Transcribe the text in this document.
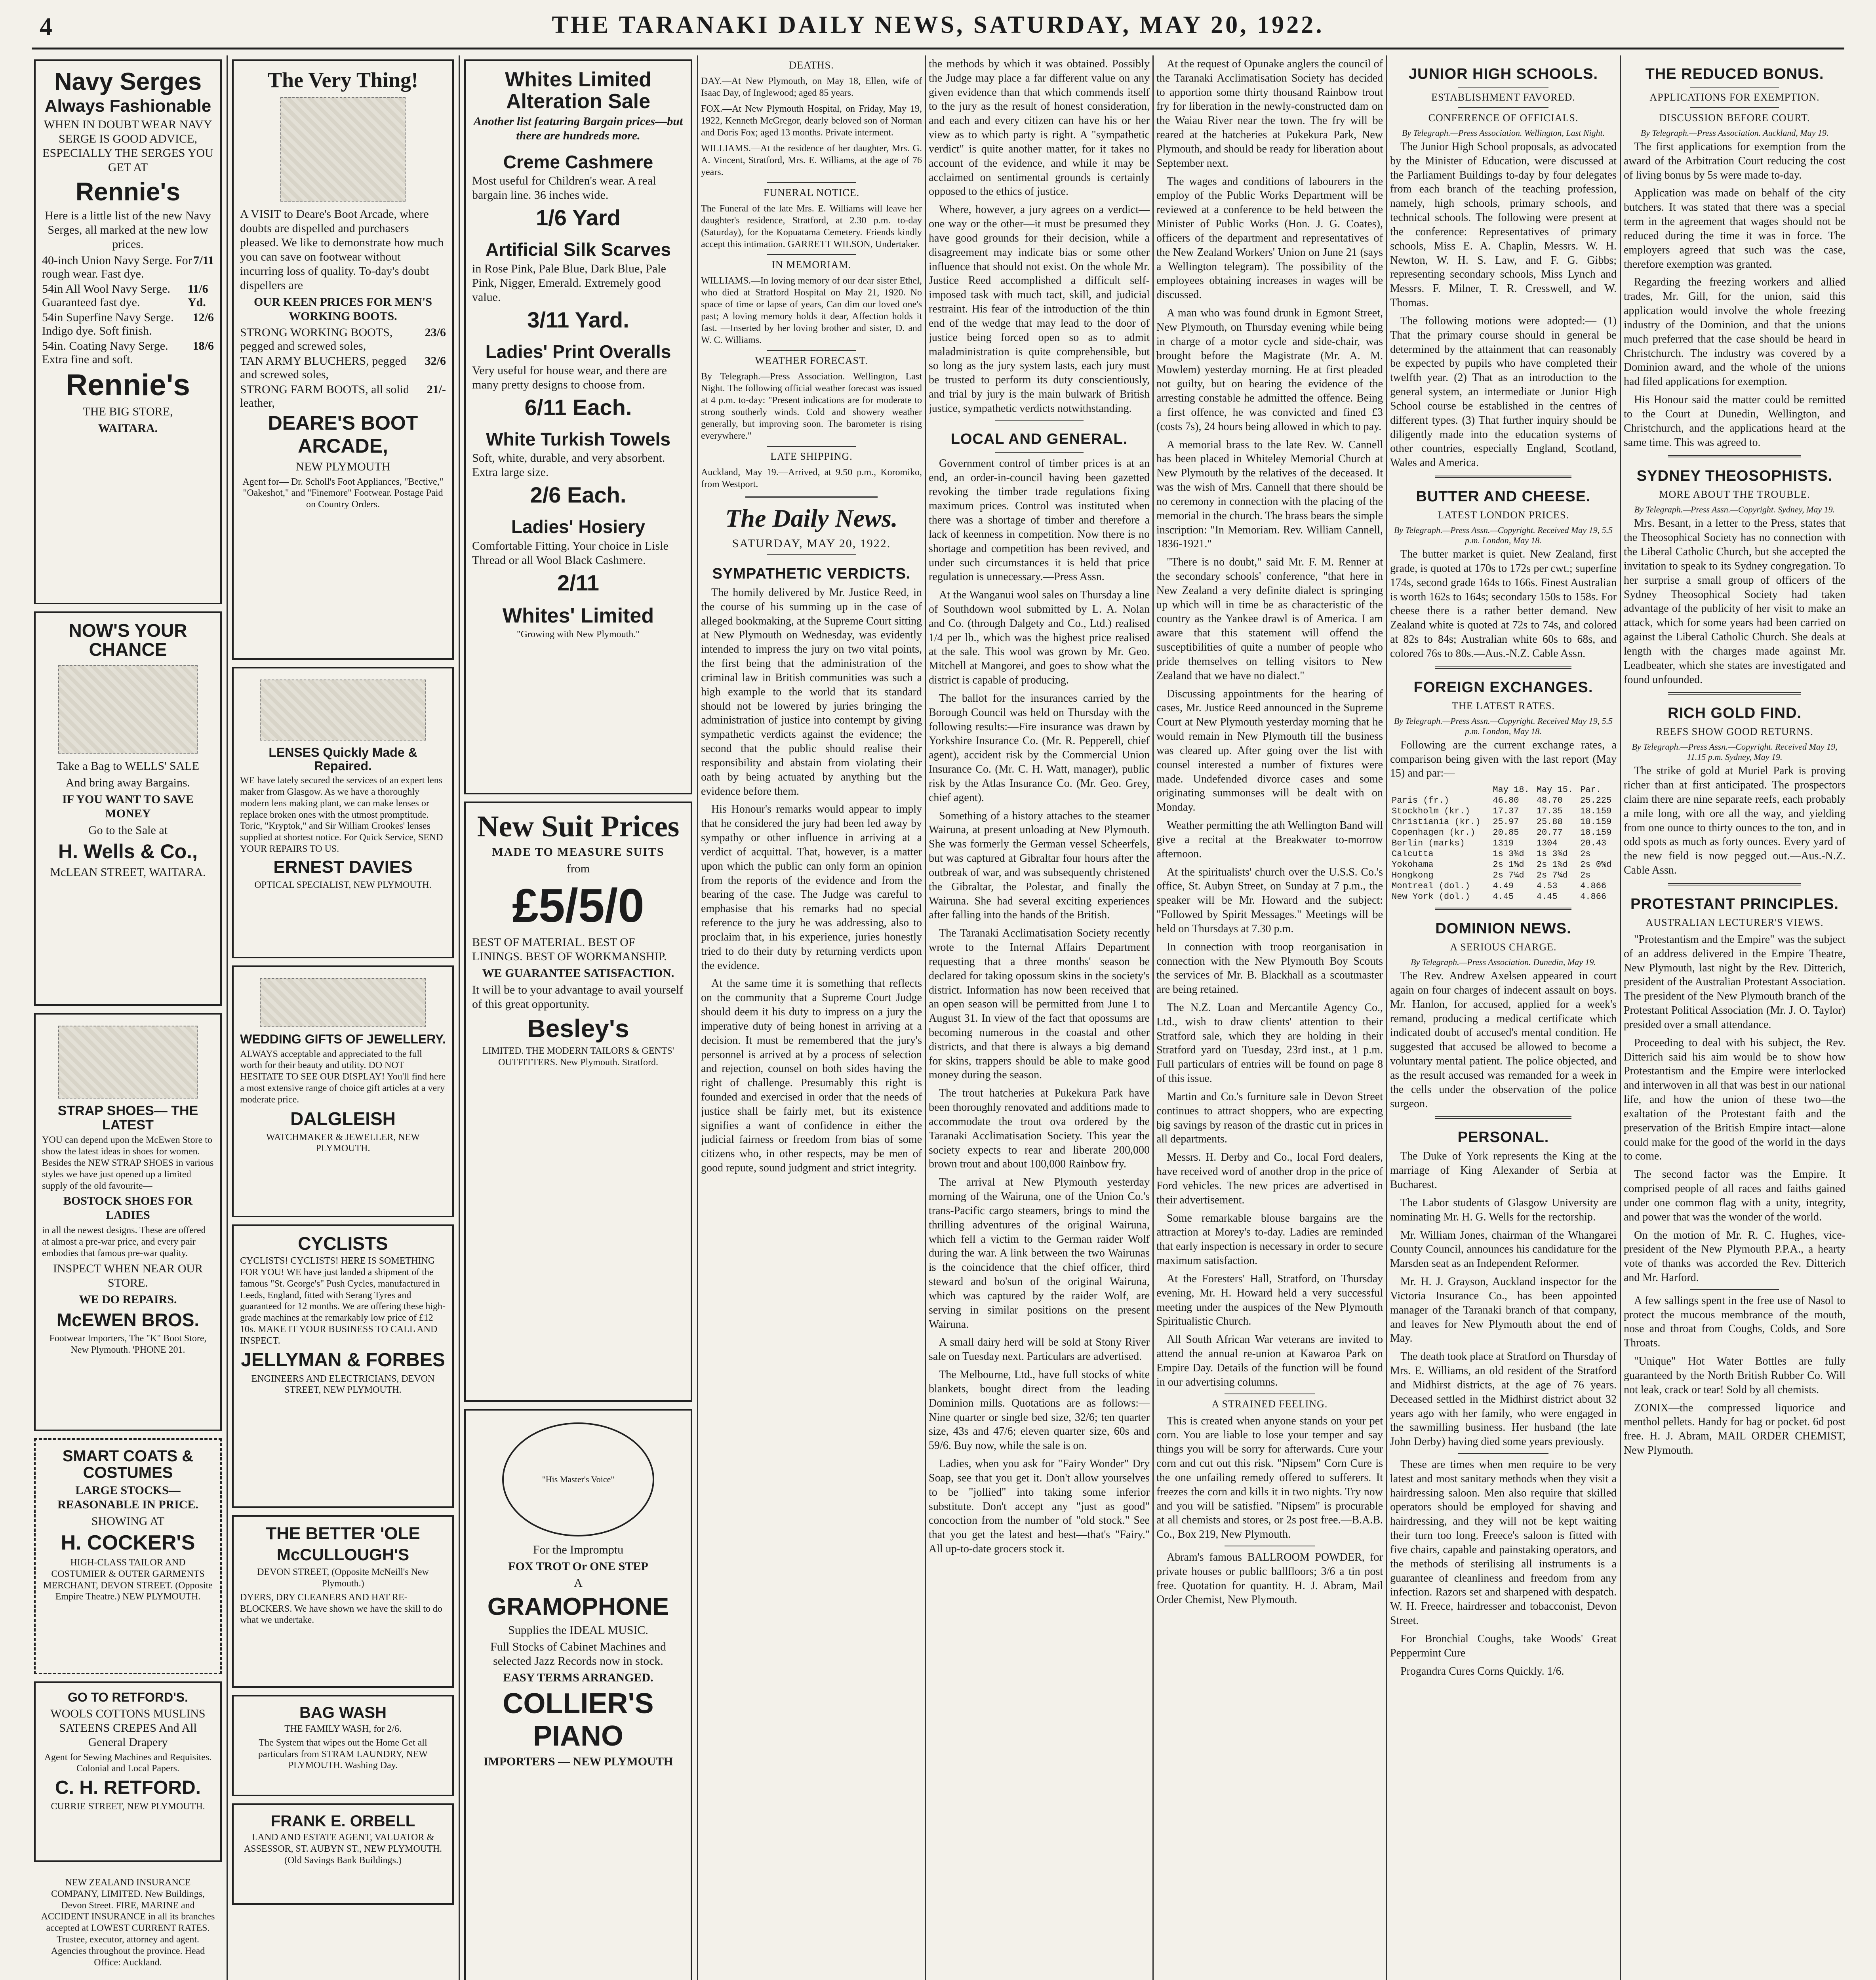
4	THE TARANAKI DAILY NEWS, SATURDAY, MAY 20, 1922.
Navy Serges
Always Fashionable

WHEN IN DOUBT WEAR NAVY SERGE IS GOOD ADVICE, ESPECIALLY THE SERGES YOU GET AT

Rennie's

Here is a little list of the new Navy Serges, all marked at the new low prices.

40-inch Union Navy Serge. For rough wear. Fast dye.
7/11
54in All Wool Navy Serge. Guaranteed fast dye.
11/6 Yd.
54in Superfine Navy Serge. Indigo dye. Soft finish.
12/6
54in. Coating Navy Serge. Extra fine and soft.
18/6
Rennie's

THE BIG STORE,

WAITARA.

NOW'S YOUR CHANCE

Take a Bag to WELLS' SALE

And bring away Bargains.

IF YOU WANT TO SAVE MONEY

Go to the Sale at

H. Wells & Co.,

McLEAN STREET, WAITARA.

STRAP SHOES— THE LATEST

YOU can depend upon the McEwen Store to show the latest ideas in shoes for women. Besides the NEW STRAP SHOES in various styles we have just opened up a limited supply of the old favourite—

BOSTOCK SHOES FOR LADIES

in all the newest designs. These are offered at almost a pre-war price, and every pair embodies that famous pre-war quality.

INSPECT WHEN NEAR OUR STORE.

WE DO REPAIRS.

McEWEN BROS.

Footwear Importers, The "K" Boot Store, New Plymouth. 'PHONE 201.

SMART COATS & COSTUMES

LARGE STOCKS— REASONABLE IN PRICE.

SHOWING AT

H. COCKER'S

HIGH-CLASS TAILOR AND COSTUMIER & OUTER GARMENTS MERCHANT, DEVON STREET. (Opposite Empire Theatre.) NEW PLYMOUTH.

GO TO RETFORD'S.

WOOLS COTTONS MUSLINS SATEENS CREPES And All General Drapery

Agent for Sewing Machines and Requisites. Colonial and Local Papers.

C. H. RETFORD.

CURRIE STREET, NEW PLYMOUTH.

NEW ZEALAND INSURANCE COMPANY, LIMITED. New Buildings, Devon Street. FIRE, MARINE and ACCIDENT INSURANCE in all its branches accepted at LOWEST CURRENT RATES. Trustee, executor, attorney and agent. Agencies throughout the province. Head Office: Auckland.

The Very Thing!

A VISIT to Deare's Boot Arcade, where doubts are dispelled and purchasers pleased. We like to demonstrate how much you can save on footwear without incurring loss of quality. To-day's doubt dispellers are

OUR KEEN PRICES FOR MEN'S WORKING BOOTS.

STRONG WORKING BOOTS, pegged and screwed soles,
23/6
TAN ARMY BLUCHERS, pegged and screwed soles,
32/6
STRONG FARM BOOTS, all solid leather,
21/-
DEARE'S BOOT ARCADE,

NEW PLYMOUTH

Agent for— Dr. Scholl's Foot Appliances, "Bective," "Oakeshot," and "Finemore" Footwear. Postage Paid on Country Orders.

LENSES Quickly Made & Repaired.

WE have lately secured the services of an expert lens maker from Glasgow. As we have a thoroughly modern lens making plant, we can make lenses or replace broken ones with the utmost promptitude. Toric, "Kryptok," and Sir William Crookes' lenses supplied at shortest notice. For Quick Service, SEND YOUR REPAIRS TO US.

ERNEST DAVIES

OPTICAL SPECIALIST, NEW PLYMOUTH.

WEDDING GIFTS OF JEWELLERY.

ALWAYS acceptable and appreciated to the full worth for their beauty and utility. DO NOT HESITATE TO SEE OUR DISPLAY! You'll find here a most extensive range of choice gift articles at a very moderate price.

DALGLEISH

WATCHMAKER & JEWELLER, NEW PLYMOUTH.

CYCLISTS

CYCLISTS! CYCLISTS! HERE IS SOMETHING FOR YOU! WE have just landed a shipment of the famous "St. George's" Push Cycles, manufactured in Leeds, England, fitted with Serang Tyres and guaranteed for 12 months. We are offering these high-grade machines at the remarkably low price of £12 10s. MAKE IT YOUR BUSINESS TO CALL AND INSPECT.

JELLYMAN & FORBES

ENGINEERS AND ELECTRICIANS, DEVON STREET, NEW PLYMOUTH.

THE BETTER 'OLE
McCULLOUGH'S

DEVON STREET, (Opposite McNeill's New Plymouth.)

DYERS, DRY CLEANERS AND HAT RE-BLOCKERS. We have shown we have the skill to do what we undertake.

BAG WASH

THE FAMILY WASH, for 2/6.

The System that wipes out the Home Get all particulars from STRAM LAUNDRY, NEW PLYMOUTH. Washing Day.

FRANK E. ORBELL

LAND AND ESTATE AGENT, VALUATOR & ASSESSOR, ST. AUBYN ST., NEW PLYMOUTH. (Old Savings Bank Buildings.)

Whites Limited Alteration Sale

Another list featuring Bargain prices—but there are hundreds more.

Creme Cashmere

Most useful for Children's wear. A real bargain line. 36 inches wide.

1/6 Yard
Artificial Silk Scarves

in Rose Pink, Pale Blue, Dark Blue, Pale Pink, Nigger, Emerald. Extremely good value.

3/11 Yard.
Ladies' Print Overalls

Very useful for house wear, and there are many pretty designs to choose from.

6/11 Each.
White Turkish Towels

Soft, white, durable, and very absorbent. Extra large size.

2/6 Each.
Ladies' Hosiery

Comfortable Fitting. Your choice in Lisle Thread or all Wool Black Cashmere.

2/11
Whites' Limited

"Growing with New Plymouth."

New Suit Prices

MADE TO MEASURE SUITS

from

£5/5/0

BEST OF MATERIAL. BEST OF LININGS. BEST OF WORKMANSHIP.

WE GUARANTEE SATISFACTION.

It will be to your advantage to avail yourself of this great opportunity.

Besley's

LIMITED. THE MODERN TAILORS & GENTS' OUTFITTERS. New Plymouth. Stratford.

"His Master's Voice"

For the Impromptu

FOX TROT Or ONE STEP

A

GRAMOPHONE

Supplies the IDEAL MUSIC.

Full Stocks of Cabinet Machines and selected Jazz Records now in stock.

EASY TERMS ARRANGED.

COLLIER'S PIANO

IMPORTERS — NEW PLYMOUTH

DEATHS.

DAY.—At New Plymouth, on May 18, Ellen, wife of Isaac Day, of Inglewood; aged 85 years.

FOX.—At New Plymouth Hospital, on Friday, May 19, 1922, Kenneth McGregor, dearly beloved son of Norman and Doris Fox; aged 13 months. Private interment.

WILLIAMS.—At the residence of her daughter, Mrs. G. A. Vincent, Stratford, Mrs. E. Williams, at the age of 76 years.

FUNERAL NOTICE.

The Funeral of the late Mrs. E. Williams will leave her daughter's residence, Stratford, at 2.30 p.m. to-day (Saturday), for the Kopuatama Cemetery. Friends kindly accept this intimation. GARRETT WILSON, Undertaker.

IN MEMORIAM.

WILLIAMS.—In loving memory of our dear sister Ethel, who died at Stratford Hospital on May 21, 1920. No space of time or lapse of years, Can dim our loved one's past; A loving memory holds it dear, Affection holds it fast. —Inserted by her loving brother and sister, D. and W. C. Williams.

WEATHER FORECAST.

By Telegraph.—Press Association. Wellington, Last Night. The following official weather forecast was issued at 4 p.m. to-day: "Present indications are for moderate to strong southerly winds. Cold and showery weather generally, but improving soon. The barometer is rising everywhere."

LATE SHIPPING.

Auckland, May 19.—Arrived, at 9.50 p.m., Koromiko, from Westport.

The Daily News.
SATURDAY, MAY 20, 1922.
SYMPATHETIC VERDICTS.

The homily delivered by Mr. Justice Reed, in the course of his summing up in the case of alleged bookmaking, at the Supreme Court sitting at New Plymouth on Wednesday, was evidently intended to impress the jury on two vital points, the first being that the administration of the criminal law in British communities was such a high example to the world that its standard should not be lowered by juries bringing the administration of justice into contempt by giving sympathetic verdicts against the evidence; the second that the public should realise their responsibility and abstain from violating their oath by being actuated by anything but the evidence before them.

His Honour's remarks would appear to imply that he considered the jury had been led away by sympathy or other influence in arriving at a verdict of acquittal. That, however, is a matter upon which the public can only form an opinion from the reports of the evidence and from the bearing of the case. The Judge was careful to emphasise that his remarks had no special reference to the jury he was addressing, also to proclaim that, in his experience, juries honestly tried to do their duty by returning verdicts upon the evidence.

At the same time it is something that reflects on the community that a Supreme Court Judge should deem it his duty to impress on a jury the imperative duty of being honest in arriving at a decision. It must be remembered that the jury's personnel is arrived at by a process of selection and rejection, counsel on both sides having the right of challenge. Presumably this right is founded and exercised in order that the needs of justice shall be fairly met, but its existence signifies a want of confidence in either the judicial fairness or freedom from bias of some citizens who, in other respects, may be men of good repute, sound judgment and strict integrity.

the methods by which it was obtained. Possibly the Judge may place a far different value on any given evidence than that which commends itself to the jury as the result of honest consideration, and each and every citizen can have his or her view as to which party is right. A "sympathetic verdict" is quite another matter, for it takes no account of the evidence, and while it may be acclaimed on sentimental grounds is certainly opposed to the ethics of justice.

Where, however, a jury agrees on a verdict—one way or the other—it must be presumed they have good grounds for their decision, while a disagreement may indicate bias or some other influence that should not exist. On the whole Mr. Justice Reed accomplished a difficult self-imposed task with much tact, skill, and judicial restraint. His fear of the introduction of the thin end of the wedge that may lead to the door of justice being forced open so as to admit maladministration is quite comprehensible, but so long as the jury system lasts, each jury must be trusted to perform its duty conscientiously, and trial by jury is the main bulwark of British justice, sympathetic verdicts notwithstanding.

LOCAL AND GENERAL.

Government control of timber prices is at an end, an order-in-council having been gazetted revoking the timber trade regulations fixing maximum prices. Control was instituted when there was a shortage of timber and therefore a lack of keenness in competition. Now there is no shortage and competition has been revived, and under such circumstances it is held that price regulation is unnecessary.—Press Assn.

At the Wanganui wool sales on Thursday a line of Southdown wool submitted by L. A. Nolan and Co. (through Dalgety and Co., Ltd.) realised 1/4 per lb., which was the highest price realised at the sale. This wool was grown by Mr. Geo. Mitchell at Mangorei, and goes to show what the district is capable of producing.

The ballot for the insurances carried by the Borough Council was held on Thursday with the following results:—Fire insurance was drawn by Yorkshire Insurance Co. (Mr. R. Pepperell, chief agent), accident risk by the Commercial Union Insurance Co. (Mr. C. H. Watt, manager), public risk by the Atlas Insurance Co. (Mr. Geo. Grey, chief agent).

Something of a history attaches to the steamer Wairuna, at present unloading at New Plymouth. She was formerly the German vessel Scheerfels, but was captured at Gibraltar four hours after the outbreak of war, and was subsequently christened the Gibraltar, the Polestar, and finally the Wairuna. She had several exciting experiences after falling into the hands of the British.

The Taranaki Acclimatisation Society recently wrote to the Internal Affairs Department requesting that a three months' season be declared for taking opossum skins in the society's district. Information has now been received that an open season will be permitted from June 1 to August 31. In view of the fact that opossums are becoming numerous in the coastal and other districts, and that there is always a big demand for skins, trappers should be able to make good money during the season.

The trout hatcheries at Pukekura Park have been thoroughly renovated and additions made to accommodate the trout ova ordered by the Taranaki Acclimatisation Society. This year the society expects to rear and liberate 200,000 brown trout and about 100,000 Rainbow fry.

The arrival at New Plymouth yesterday morning of the Wairuna, one of the Union Co.'s trans-Pacific cargo steamers, brings to mind the thrilling adventures of the original Wairuna, which fell a victim to the German raider Wolf during the war. A link between the two Wairunas is the coincidence that the chief officer, third steward and bo'sun of the original Wairuna, which was captured by the raider Wolf, are serving in similar positions on the present Wairuna.

A small dairy herd will be sold at Stony River sale on Tuesday next. Particulars are advertised.

The Melbourne, Ltd., have full stocks of white blankets, bought direct from the leading Dominion mills. Quotations are as follows:—Nine quarter or single bed size, 32/6; ten quarter size, 43s and 47/6; eleven quarter size, 60s and 59/6. Buy now, while the sale is on.

Ladies, when you ask for "Fairy Wonder" Dry Soap, see that you get it. Don't allow yourselves to be "jollied" into taking some inferior substitute. Don't accept any "just as good" concoction from the number of "old stock." See that you get the latest and best—that's "Fairy." All up-to-date grocers stock it.

At the request of Opunake anglers the council of the Taranaki Acclimatisation Society has decided to apportion some thirty thousand Rainbow trout fry for liberation in the newly-constructed dam on the Waiau River near the town. The fry will be reared at the hatcheries at Pukekura Park, New Plymouth, and should be ready for liberation about September next.

The wages and conditions of labourers in the employ of the Public Works Department will be reviewed at a conference to be held between the Minister of Public Works (Hon. J. G. Coates), officers of the department and representatives of the New Zealand Workers' Union on June 21 (says a Wellington telegram). The possibility of the employees obtaining increases in wages will be discussed.

A man who was found drunk in Egmont Street, New Plymouth, on Thursday evening while being in charge of a motor cycle and side-chair, was brought before the Magistrate (Mr. A. M. Mowlem) yesterday morning. He at first pleaded not guilty, but on hearing the evidence of the arresting constable he admitted the offence. Being a first offence, he was convicted and fined £3 (costs 7s), 24 hours being allowed in which to pay.

A memorial brass to the late Rev. W. Cannell has been placed in Whiteley Memorial Church at New Plymouth by the relatives of the deceased. It was the wish of Mrs. Cannell that there should be no ceremony in connection with the placing of the memorial in the church. The brass bears the simple inscription: "In Memoriam. Rev. William Cannell, 1836-1921."

"There is no doubt," said Mr. F. M. Renner at the secondary schools' conference, "that here in New Zealand a very definite dialect is springing up which will in time be as characteristic of the country as the Yankee drawl is of America. I am aware that this statement will offend the susceptibilities of quite a number of people who pride themselves on telling visitors to New Zealand that we have no dialect."

Discussing appointments for the hearing of cases, Mr. Justice Reed announced in the Supreme Court at New Plymouth yesterday morning that he would remain in New Plymouth till the business was cleared up. After going over the list with counsel interested a number of fixtures were made. Undefended divorce cases and some originating summonses will be dealt with on Monday.

Weather permitting the ath Wellington Band will give a recital at the Breakwater to-morrow afternoon.

At the spiritualists' church over the U.S.S. Co.'s office, St. Aubyn Street, on Sunday at 7 p.m., the speaker will be Mr. Howard and the subject: "Followed by Spirit Messages." Meetings will be held on Thursdays at 7.30 p.m.

In connection with troop reorganisation in connection with the New Plymouth Boy Scouts the services of Mr. B. Blackhall as a scoutmaster are being retained.

The N.Z. Loan and Mercantile Agency Co., Ltd., wish to draw clients' attention to their Stratford sale, which they are holding in their Stratford yard on Tuesday, 23rd inst., at 1 p.m. Full particulars of entries will be found on page 8 of this issue.

Martin and Co.'s furniture sale in Devon Street continues to attract shoppers, who are expecting big savings by reason of the drastic cut in prices in all departments.

Messrs. H. Derby and Co., local Ford dealers, have received word of another drop in the price of Ford vehicles. The new prices are advertised in their advertisement.

Some remarkable blouse bargains are the attraction at Morey's to-day. Ladies are reminded that early inspection is necessary in order to secure maximum satisfaction.

At the Foresters' Hall, Stratford, on Thursday evening, Mr. H. Howard held a very successful meeting under the auspices of the New Plymouth Spiritualistic Church.

All South African War veterans are invited to attend the annual re-union at Kawaroa Park on Empire Day. Details of the function will be found in our advertising columns.

A STRAINED FEELING.

This is created when anyone stands on your pet corn. You are liable to lose your temper and say things you will be sorry for afterwards. Cure your corn and cut out this risk. "Nipsem" Corn Cure is the one unfailing remedy offered to sufferers. It freezes the corn and kills it in two nights. Try now and you will be satisfied. "Nipsem" is procurable at all chemists and stores, or 2s post free.—B.A.B. Co., Box 219, New Plymouth.

Abram's famous BALLROOM POWDER, for private houses or public ballfloors; 3/6 a tin post free. Quotation for quantity. H. J. Abram, Mail Order Chemist, New Plymouth.

JUNIOR HIGH SCHOOLS.
ESTABLISHMENT FAVORED.
CONFERENCE OF OFFICIALS.
By Telegraph.—Press Association. Wellington, Last Night.

The Junior High School proposals, as advocated by the Minister of Education, were discussed at the Parliament Buildings to-day by four delegates from each branch of the teaching profession, namely, high schools, primary schools, and technical schools. The following were present at the conference: Representatives of primary schools, Miss E. A. Chaplin, Messrs. W. H. Newton, W. H. S. Law, and F. G. Gibbs; representing secondary schools, Miss Lynch and Messrs. F. Milner, T. R. Cresswell, and W. Thomas.

The following motions were adopted:— (1) That the primary course should in general be determined by the attainment that can reasonably be expected by pupils who have completed their twelfth year. (2) That as an introduction to the general system, an intermediate or Junior High School course be established in the centres of different types. (3) That further inquiry should be diligently made into the education systems of other countries, especially England, Scotland, Wales and America.

BUTTER AND CHEESE.
LATEST LONDON PRICES.
By Telegraph.—Press Assn.—Copyright. Received May 19, 5.5 p.m. London, May 18.

The butter market is quiet. New Zealand, first grade, is quoted at 170s to 172s per cwt.; superfine 174s, second grade 164s to 166s. Finest Australian is worth 162s to 164s; secondary 150s to 158s. For cheese there is a rather better demand. New Zealand white is quoted at 72s to 74s, and colored at 82s to 84s; Australian white 60s to 68s, and colored 76s to 80s.—Aus.-N.Z. Cable Assn.

FOREIGN EXCHANGES.
THE LATEST RATES.
By Telegraph.—Press Assn.—Copyright. Received May 19, 5.5 p.m. London, May 18.

Following are the current exchange rates, a comparison being given with the last report (May 15) and par:—

	May 18.	May 15.	Par.
Paris (fr.)	46.80	48.70	25.225
Stockholm (kr.)	17.37	17.35	18.159
Christiania (kr.)	25.97	25.88	18.159
Copenhagen (kr.)	20.85	20.77	18.159
Berlin (marks)	1319	1304	20.43
Calcutta	1s 3¾d	1s 3¾d	2s
Yokohama	2s 1⅝d	2s 1⅞d	2s 0⅝d
Hongkong	2s 7¼d	2s 7¼d	2s
Montreal (dol.)	4.49	4.53	4.866
New York (dol.)	4.45	4.45	4.866
DOMINION NEWS.
A SERIOUS CHARGE.
By Telegraph.—Press Association. Dunedin, May 19.

The Rev. Andrew Axelsen appeared in court again on four charges of indecent assault on boys. Mr. Hanlon, for accused, applied for a week's remand, producing a medical certificate which indicated doubt of accused's mental condition. He suggested that accused be allowed to become a voluntary mental patient. The police objected, and as the result accused was remanded for a week in the cells under the observation of the police surgeon.

PERSONAL.

The Duke of York represents the King at the marriage of King Alexander of Serbia at Bucharest.

The Labor students of Glasgow University are nominating Mr. H. G. Wells for the rectorship.

Mr. William Jones, chairman of the Whangarei County Council, announces his candidature for the Marsden seat as an Independent Reformer.

Mr. H. J. Grayson, Auckland inspector for the Victoria Insurance Co., has been appointed manager of the Taranaki branch of that company, and leaves for New Plymouth about the end of May.

The death took place at Stratford on Thursday of Mrs. E. Williams, an old resident of the Stratford and Midhirst districts, at the age of 76 years. Deceased settled in the Midhirst district about 32 years ago with her family, who were engaged in the sawmilling business. Her husband (the late John Derby) having died some years previously.

These are times when men require to be very latest and most sanitary methods when they visit a hairdressing saloon. Men also require that skilled operators should be employed for shaving and hairdressing, and they will not be kept waiting their turn too long. Freece's saloon is fitted with five chairs, capable and painstaking operators, and the methods of sterilising all instruments is a guarantee of cleanliness and freedom from any infection. Razors set and sharpened with despatch. W. H. Freece, hairdresser and tobacconist, Devon Street.

For Bronchial Coughs, take Woods' Great Peppermint Cure

Progandra Cures Corns Quickly. 1/6.

THE REDUCED BONUS.
APPLICATIONS FOR EXEMPTION.
DISCUSSION BEFORE COURT.
By Telegraph.—Press Association. Auckland, May 19.

The first applications for exemption from the award of the Arbitration Court reducing the cost of living bonus by 5s were made to-day.

Application was made on behalf of the city butchers. It was stated that there was a special term in the agreement that wages should not be reduced during the time it was in force. The employers agreed that such was the case, therefore exemption was granted.

Regarding the freezing workers and allied trades, Mr. Gill, for the union, said this application would involve the whole freezing industry of the Dominion, and that the unions much preferred that the case should be heard in Christchurch. The industry was covered by a Dominion award, and the whole of the unions had filed applications for exemption.

His Honour said the matter could be remitted to the Court at Dunedin, Wellington, and Christchurch, and the applications heard at the same time. This was agreed to.

SYDNEY THEOSOPHISTS.
MORE ABOUT THE TROUBLE.
By Telegraph.—Press Assn.—Copyright. Sydney, May 19.

Mrs. Besant, in a letter to the Press, states that the Theosophical Society has no connection with the Liberal Catholic Church, but she accepted the invitation to speak to its Sydney congregation. To her surprise a small group of officers of the Sydney Theosophical Society had taken advantage of the publicity of her visit to make an attack, which for some years had been carried on against the Liberal Catholic Church. She deals at length with the charges made against Mr. Leadbeater, which she states are investigated and found unfounded.

RICH GOLD FIND.
REEFS SHOW GOOD RETURNS.
By Telegraph.—Press Assn.—Copyright. Received May 19, 11.15 p.m. Sydney, May 19.

The strike of gold at Muriel Park is proving richer than at first anticipated. The prospectors claim there are nine separate reefs, each probably a mile long, with ore all the way, and yielding from one ounce to thirty ounces to the ton, and in odd spots as much as forty ounces. Every yard of the new field is now pegged out.—Aus.-N.Z. Cable Assn.

PROTESTANT PRINCIPLES.
AUSTRALIAN LECTURER'S VIEWS.

"Protestantism and the Empire" was the subject of an address delivered in the Empire Theatre, New Plymouth, last night by the Rev. Ditterich, president of the Australian Protestant Association. The president of the New Plymouth branch of the Protestant Political Association (Mr. J. O. Taylor) presided over a small attendance.

Proceeding to deal with his subject, the Rev. Ditterich said his aim would be to show how Protestantism and the Empire were interlocked and interwoven in all that was best in our national life, and how the union of these two—the exaltation of the Protestant faith and the preservation of the British Empire intact—alone could make for the good of the world in the days to come.

The second factor was the Empire. It comprised people of all races and faiths gained under one common flag with a unity, integrity, and power that was the wonder of the world.

On the motion of Mr. R. C. Hughes, vice-president of the New Plymouth P.P.A., a hearty vote of thanks was accorded the Rev. Ditterich and Mr. Harford.

A few sallings spent in the free use of Nasol to protect the mucous membrance of the mouth, nose and throat from Coughs, Colds, and Sore Throats.

"Unique" Hot Water Bottles are fully guaranteed by the North British Rubber Co. Will not leak, crack or tear! Sold by all chemists.

ZONIX—the compressed liquorice and menthol pellets. Handy for bag or pocket. 6d post free. H. J. Abram, MAIL ORDER CHEMIST, New Plymouth.
